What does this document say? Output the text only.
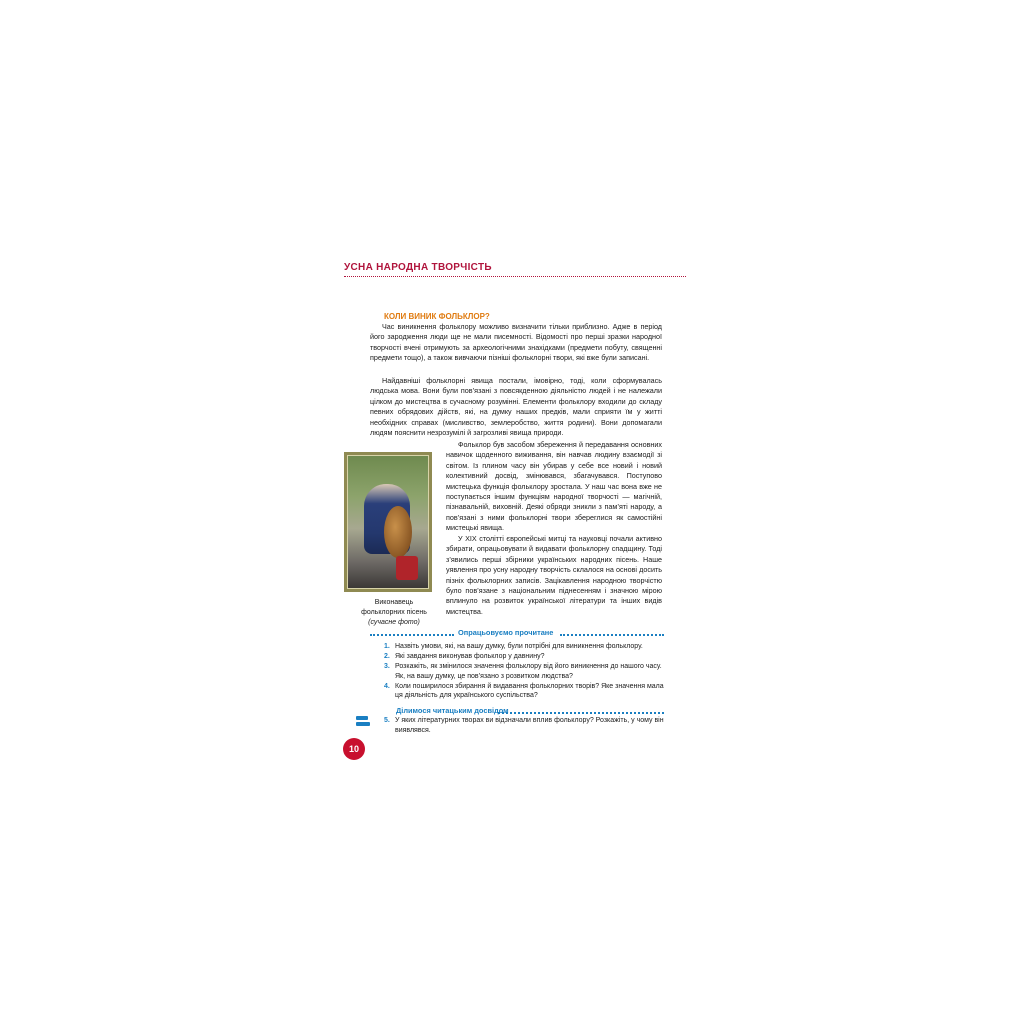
УСНА НАРОДНА ТВОРЧІСТЬ
КОЛИ ВИНИК ФОЛЬКЛОР?

Час виникнення фольклору можливо визначити тільки приблизно. Адже в період його зародження люди ще не мали писемності. Відомості про перші зразки народної творчості вчені отримують за археологічними знахідками (предмети побуту, священні предмети тощо), а також вивчаючи пізніші фольклорні твори, які вже були записані.

Найдавніші фольклорні явища постали, імовірно, тоді, коли сформувалась людська мова. Вони були пов’язані з повсякденною діяльністю людей і не належали цілком до мистецтва в сучасному розумінні. Елементи фольклору входили до складу певних обрядових дійств, які, на думку наших предків, мали сприяти їм у житті необхідних справах (мисливство, землеробство, життя родини). Вони допомагали людям пояснити незрозумілі й загрозливі явища природи.

Виконавець
фольклорних пісень
(сучасне фото)

Фольклор був засобом збереження й передавання основних навичок щоденного виживання, він навчав людину взаємодії зі світом. Із плином часу він убирав у себе все новий і новий колективний досвід, змінювався, збагачувався. Поступово мистецька функція фольклору зростала. У наш час вона вже не поступається іншим функціям народної творчості — магічній, пізнавальній, виховній. Деякі обряди зникли з пам’яті народу, а пов’язані з ними фольклорні твори збереглися як самостійні мистецькі явища.

У XIX столітті європейські митці та науковці почали активно збирати, опрацьовувати й видавати фольклорну спадщину. Тоді з’явились перші збірники українських народних пісень. Наше уявлення про усну народну творчість склалося на основі досить пізніх фольклорних записів. Зацікавлення народною творчістю було пов’язане з національним піднесенням і значною мірою вплинуло на розвиток української літератури та інших видів мистецтва.

Опрацьовуємо прочитане
1. Назвіть умови, які, на вашу думку, були потрібні для виникнення фольклору.
2. Які завдання виконував фольклор у давнину?
3. Розкажіть, як змінилося значення фольклору від його виникнення до нашого часу. Як, на вашу думку, це пов’язано з розвитком людства?
4. Коли поширилося збирання й видавання фольклорних творів? Яке значення мала ця діяльність для українського суспільства?
Ділимося читацьким досвідом
5. У яких літературних творах ви відзначали вплив фольклору? Розкажіть, у чому він виявлявся.
10
